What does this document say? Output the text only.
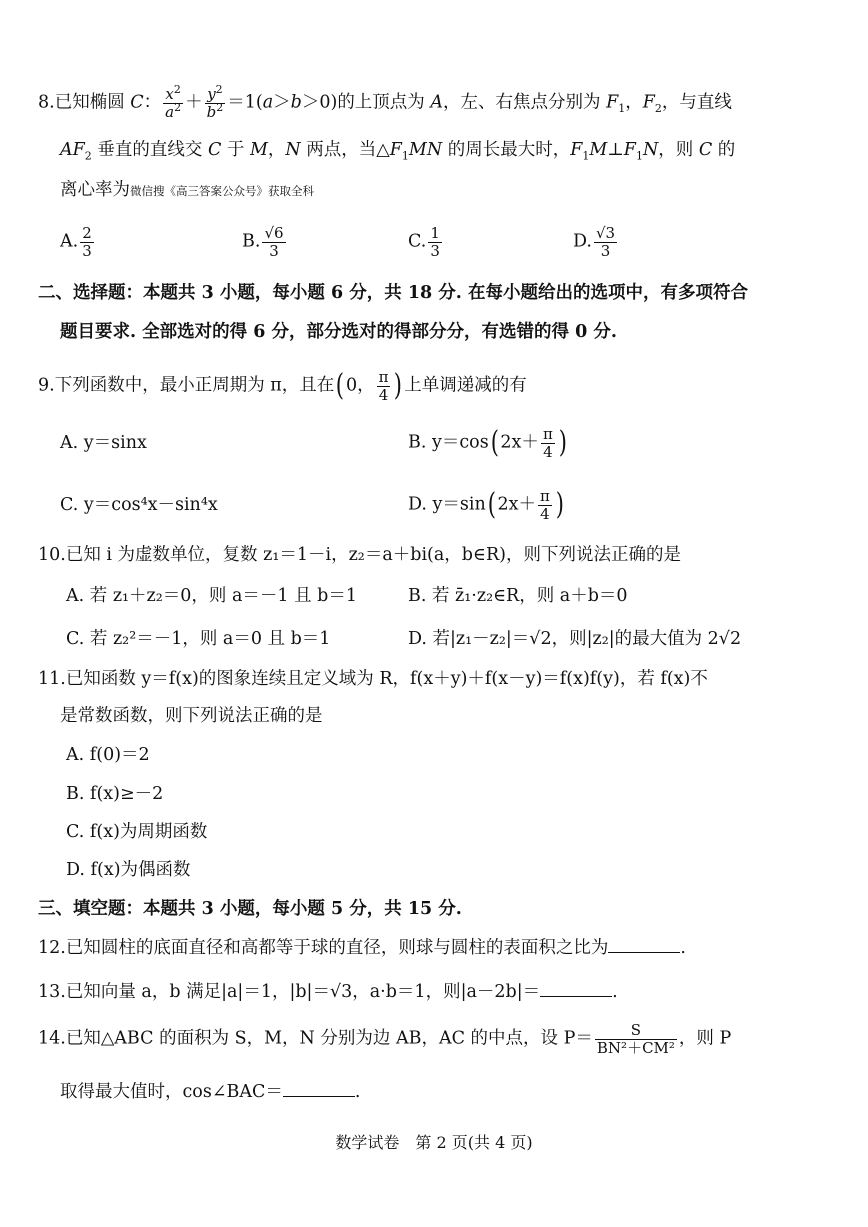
8.已知椭圆 C： $\frac{x^2}{a^2} + \frac{y^2}{b^2} =1(a>b>0)$的上顶点为 A，左、右焦点分别为 $F_1$，$F_2$，与直线
$AF_2$ 垂直的直线交 C 于 M，N 两点，当$\triangle F_1MN$ 的周长最大时，$F_1M\perp F_1N$，则 C 的
离心率为微信搜《高三答案公众号》获取全科
A. $\frac{2}{3}$	B. $\frac{√6}{3}$	C. $\frac{1}{3}$	D. $\frac{√3}{3}$
二、选择题：本题共 3 小题，每小题 6 分，共 18 分. 在每小题给出的选项中，有多项符合
题目要求. 全部选对的得 6 分，部分选对的得部分分，有选错的得 0 分.
9.下列函数中，最小正周期为 π，且在( 0， $\frac{\pi}{4}$ ) 上单调递减的有
A. y＝sinx	B. y＝cos( $2x+ \frac{\pi}{4}$ )
C. y＝cos⁴x－sin⁴x	D. y＝sin( $2x+ \frac{\pi}{4}$ )
10.已知 i 为虚数单位，复数 z₁＝1－i，z₂＝a＋bi(a，b∈R)，则下列说法正确的是
A. 若 z₁＋z₂＝0，则 a＝－1 且 b＝1	B. 若 z̄₁·z₂∈R，则 a＋b＝0
C. 若 z₂²＝－1，则 a＝0 且 b＝1	D. 若|z₁－z₂|＝√2，则|z₂|的最大值为 2√2
11.已知函数 y＝f(x)的图象连续且定义域为 R，f(x＋y)＋f(x－y)＝f(x)f(y)，若 f(x)不
是常数函数，则下列说法正确的是
A. f(0)＝2
B. f(x)≥－2
C. f(x)为周期函数
D. f(x)为偶函数
三、填空题：本题共 3 小题，每小题 5 分，共 15 分.
12.已知圆柱的底面直径和高都等于球的直径，则球与圆柱的表面积之比为	.
13.已知向量 a，b 满足|a|＝1，|b|＝√3，a·b＝1，则|a－2b|＝	.
14.已知△ABC 的面积为 S，M，N 分别为边 AB，AC 的中点，设 $P= \frac{S}{\text{BN²＋CM²}}$ ，则 P
取得最大值时，cos∠BAC＝	.
数学试卷　第 2 页(共 4 页)
